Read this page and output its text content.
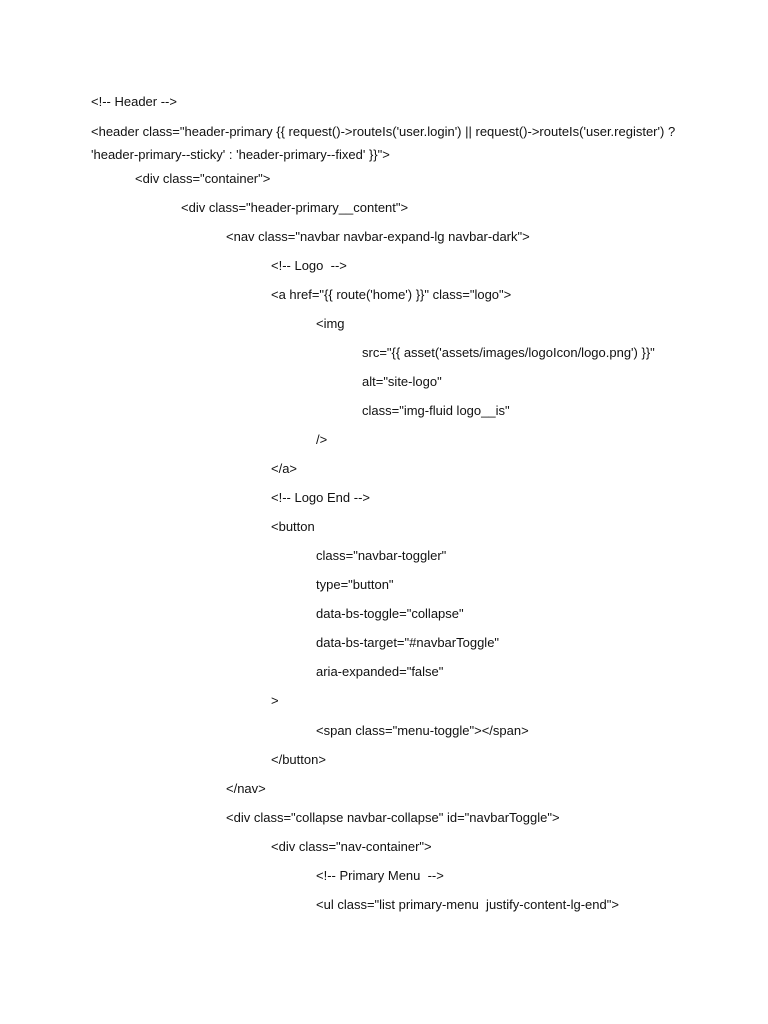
<!-- Header -->
<header class="header-primary {{ request()->routeIs('user.login') || request()->routeIs('user.register') ?
'header-primary--sticky' : 'header-primary--fixed' }}">
<div class="container">
<div class="header-primary__content">
<nav class="navbar navbar-expand-lg navbar-dark">
<!-- Logo  -->
<a href="{{ route('home') }}" class="logo">
<img
src="{{ asset('assets/images/logoIcon/logo.png') }}"
alt="site-logo"
class="img-fluid logo__is"
/>
</a>
<!-- Logo End -->
<button
class="navbar-toggler"
type="button"
data-bs-toggle="collapse"
data-bs-target="#navbarToggle"
aria-expanded="false"
>
<span class="menu-toggle"></span>
</button>
</nav>
<div class="collapse navbar-collapse" id="navbarToggle">
<div class="nav-container">
<!-- Primary Menu  -->
<ul class="list primary-menu  justify-content-lg-end">
